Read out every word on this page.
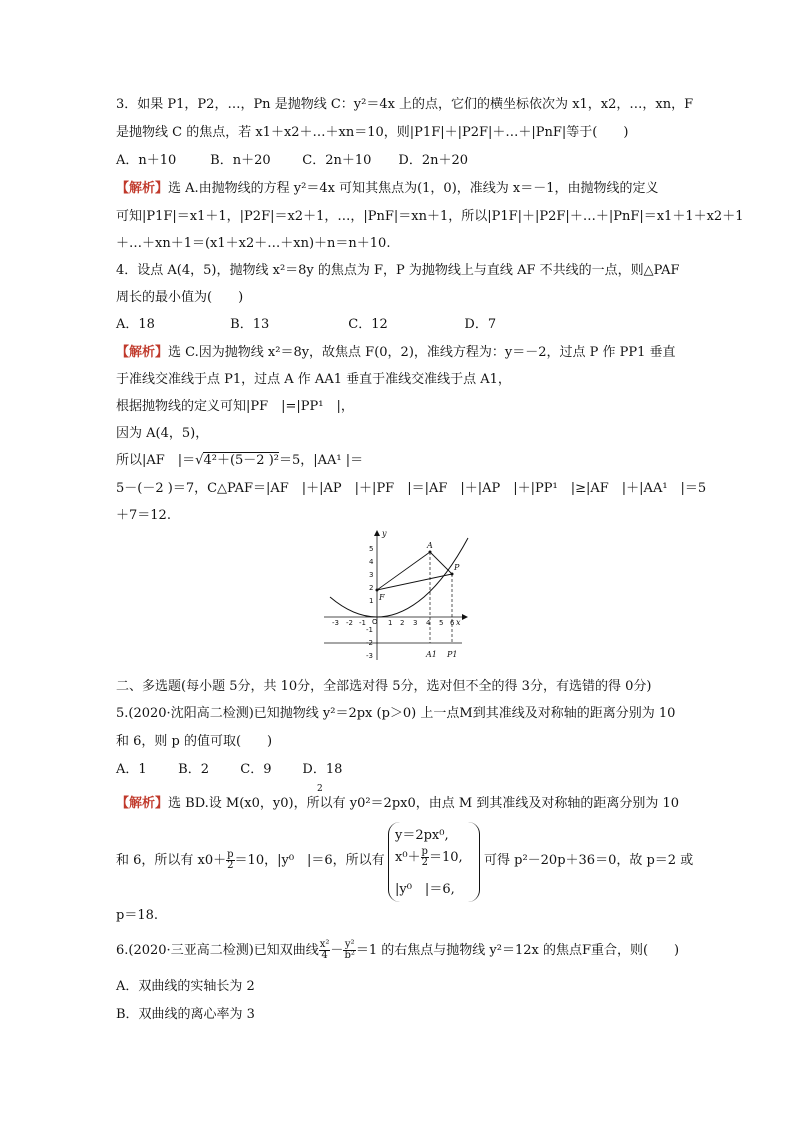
3．如果 P1，P2，…，Pn 是抛物线 C：y²＝4x 上的点，它们的横坐标依次为 x1，x2，…，xn，F
是抛物线 C 的焦点，若 x1＋x2＋…＋xn＝10，则|P1F|＋|P2F|＋…＋|PnF|等于(　　)
A．n＋10	B．n＋20 C．2n＋10 D．2n＋20
【解析】选 A.由抛物线的方程 y²＝4x 可知其焦点为(1，0)，准线为 x＝－1，由抛物线的定义
可知|P1F|＝x1＋1，|P2F|＝x2＋1，…，|PnF|＝xn＋1，所以|P1F|＋|P2F|＋…＋|PnF|＝x1＋1＋x2＋1
＋…＋xn＋1＝(x1＋x2＋…＋xn)＋n＝n＋10.
4．设点 A(4，5)，抛物线 x²＝8y 的焦点为 F，P 为抛物线上与直线 AF 不共线的一点，则△PAF
周长的最小值为(　　)
A．18	B．13	C．12	D．7
【解析】选 C.因为抛物线 x²＝8y，故焦点 F(0，2)，准线方程为：y＝－2，过点 P 作 PP1 垂直
于准线交准线于点 P1，过点 A 作 AA1 垂直于准线交准线于点 A1，
根据抛物线的定义可知|PF　|=|PP¹　|，
因为 A(4，5)，
所以|AF　|＝√4²＋(5－2 )²＝5，|AA¹ |＝
5－(－2 )＝7，C△PAF＝|AF　|＋|AP　|＋|PF　|＝|AF　|＋|AP　|＋|PP¹　|≥|AF　|＋|AA¹　|＝5
＋7＝12.
y
x
A
P
F
A1 P1
O
5
4
3
2
1
-1
-2
-3
-3 -2 -1	1 2 3 4 5 6
二、多选题(每小题 5分，共 10分，全部选对得 5分，选对但不全的得 3分，有选错的得 0分)
5.(2020·沈阳高二检测)已知抛物线 y²＝2px (p＞0) 上一点M到其准线及对称轴的距离分别为 10
和 6，则 p 的值可取(　　)
A．1 B．2 C．9 D．18
2
【解析】选 BD.设 M(x0，y0)，所以有 y0²＝2px0，由点 M 到其准线及对称轴的距离分别为 10
和 6，所以有 $x0+ \frac{p}{2} =10$，|y⁰　|＝6，所以有
y＝2px⁰,
$x^0+ \frac{p}{2} =10$,
|y⁰　|＝6,
可得 p²－20p＋36＝0，故 p＝2 或
p＝18.
6.(2020·三亚高二检测)已知双曲线 $\frac{\text{x²}}{4} - \frac{\text{y²}}{\text{b²}} =1$ 的右焦点与抛物线 y²＝12x 的焦点F重合，则(　　)
A．双曲线的实轴长为 2
B．双曲线的离心率为 3
